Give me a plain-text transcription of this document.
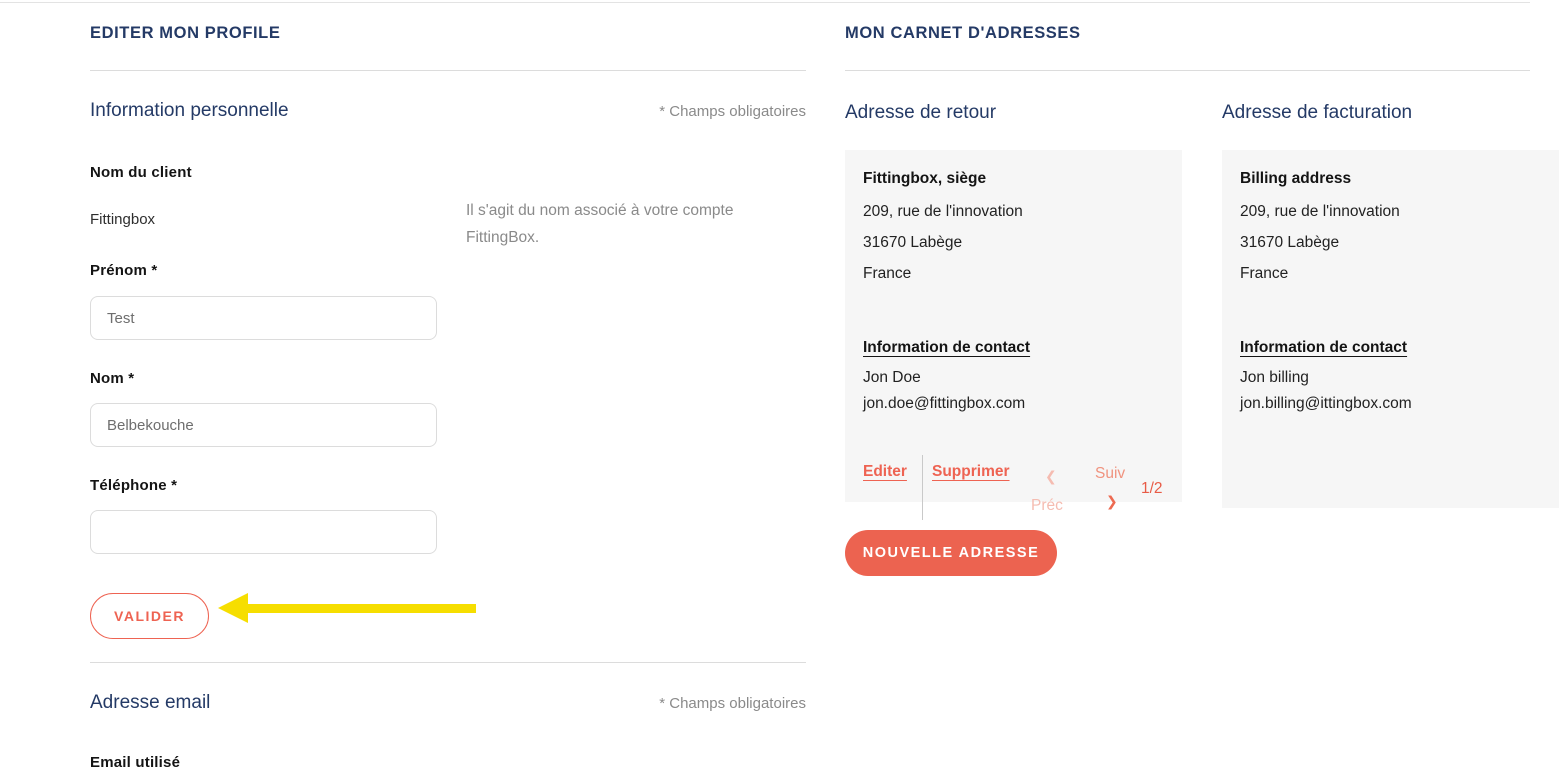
EDITER MON PROFILE
Information personnelle	* Champs obligatoires
Nom du client
Fittingbox
Il s'agit du nom associé à votre compte FittingBox.
Prénom *
Test
Nom *
Belbekouche
Téléphone *
VALIDER
Adresse email	* Champs obligatoires
Email utilisé
MON CARNET D'ADRESSES
Adresse de retour	Adresse de facturation
Fittingbox, siège
209, rue de l'innovation
31670 Labège
France
Information de contact
Jon Doe
jon.doe@fittingbox.com
Editer Supprimer	❮
Préc
Suiv
❯
1/2
Billing address
209, rue de l'innovation
31670 Labège
France
Information de contact
Jon billing
jon.billing@ittingbox.com
NOUVELLE ADRESSE
